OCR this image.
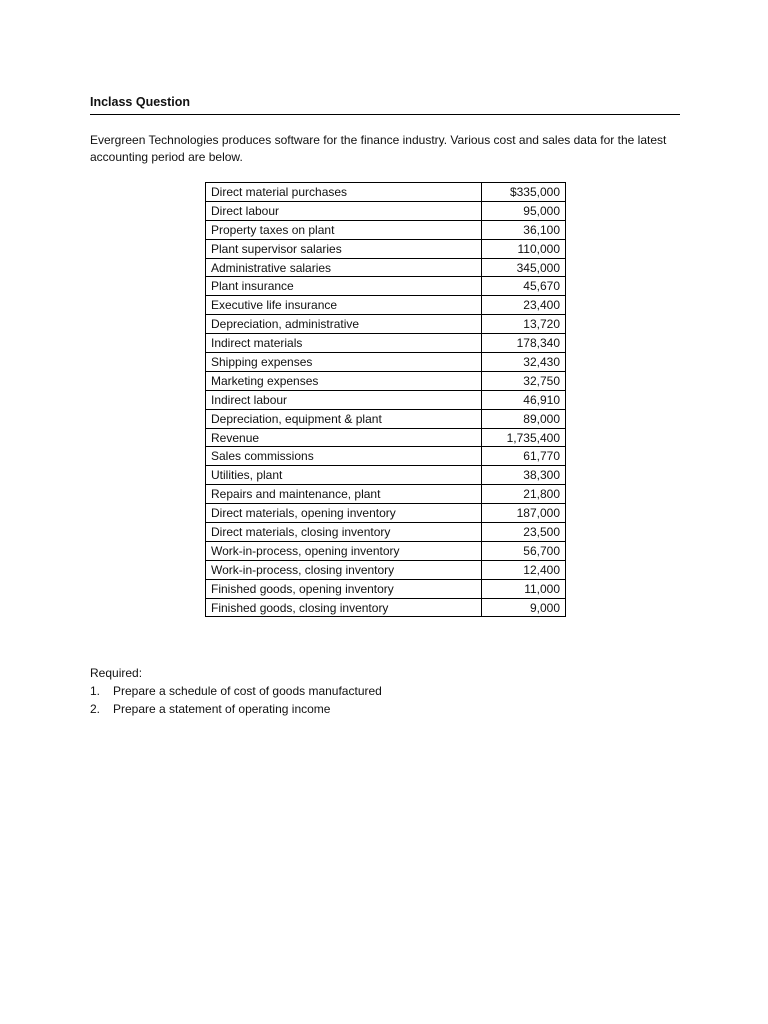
Inclass Question
Evergreen Technologies produces software for the finance industry. Various cost and sales data for the latest accounting period are below.
Direct material purchases	$335,000
Direct labour	95,000
Property taxes on plant	36,100
Plant supervisor salaries	110,000
Administrative salaries	345,000
Plant insurance	45,670
Executive life insurance	23,400
Depreciation, administrative	13,720
Indirect materials	178,340
Shipping expenses	32,430
Marketing expenses	32,750
Indirect labour	46,910
Depreciation, equipment & plant	89,000
Revenue	1,735,400
Sales commissions	61,770
Utilities, plant	38,300
Repairs and maintenance, plant	21,800
Direct materials, opening inventory	187,000
Direct materials, closing inventory	23,500
Work-in-process, opening inventory	56,700
Work-in-process, closing inventory	12,400
Finished goods, opening inventory	11,000
Finished goods, closing inventory	9,000
Required:
1.	Prepare a schedule of cost of goods manufactured
2.	Prepare a statement of operating income
